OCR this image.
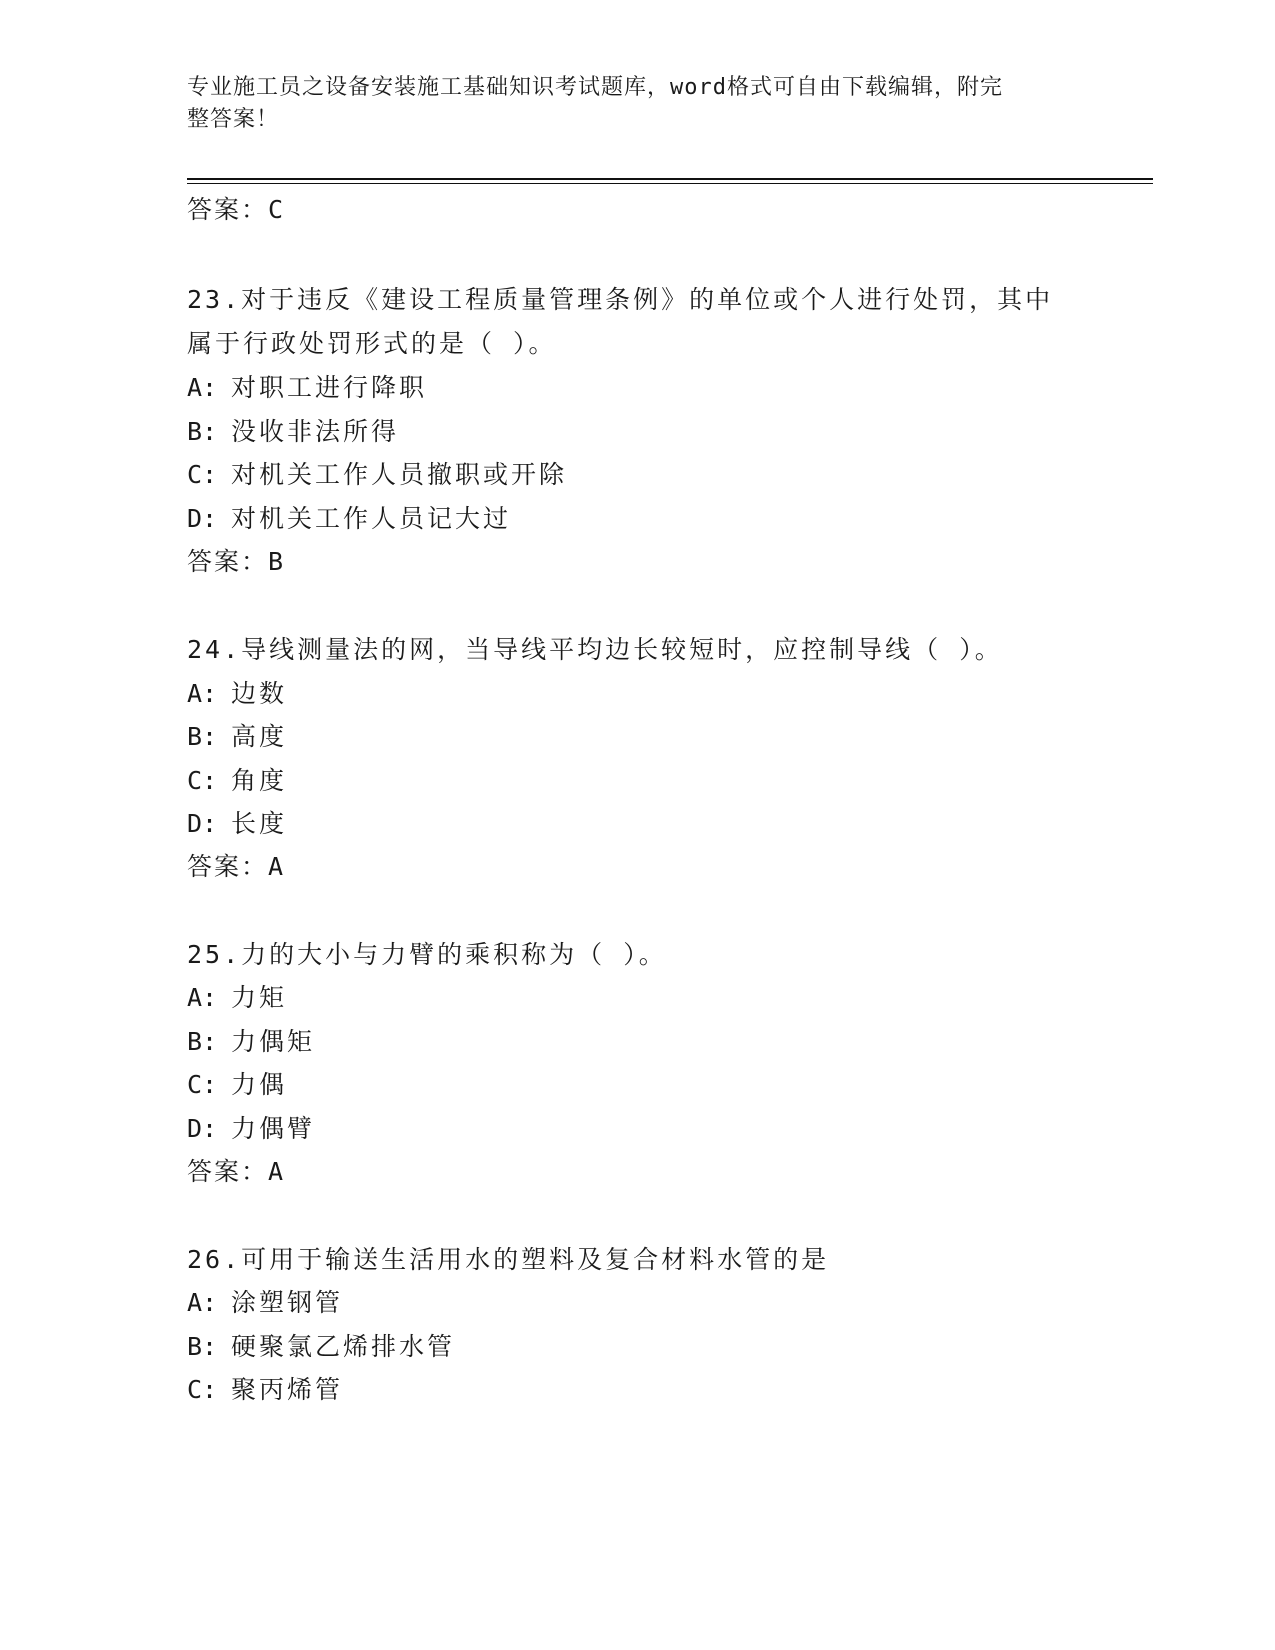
专业施工员之设备安装施工基础知识考试题库，word格式可自由下载编辑，附完
整答案！
答案：C
23.对于违反《建设工程质量管理条例》的单位或个人进行处罚，其中
属于行政处罚形式的是（ ）。
A: 对职工进行降职
B: 没收非法所得
C: 对机关工作人员撤职或开除
D: 对机关工作人员记大过
答案：B
24.导线测量法的网，当导线平均边长较短时，应控制导线（ ）。
A: 边数
B: 高度
C: 角度
D: 长度
答案：A
25.力的大小与力臂的乘积称为（ ）。
A: 力矩
B: 力偶矩
C: 力偶
D: 力偶臂
答案：A
26.可用于输送生活用水的塑料及复合材料水管的是
A: 涂塑钢管
B: 硬聚氯乙烯排水管
C: 聚丙烯管
